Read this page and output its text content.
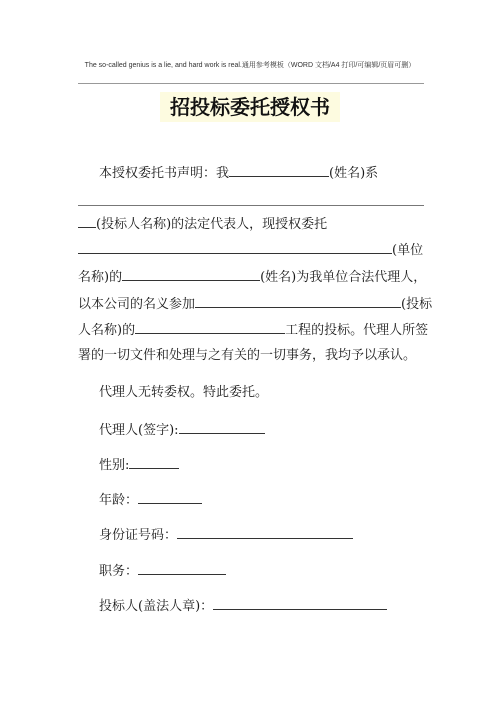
The so-called genius is a lie, and hard work is real.通用参考模板（WORD 文档/A4 打印/可编辑/页眉可删）
招投标委托授权书
本授权委托书声明：我	(姓名)系
(投标人名称)的法定代表人，现授权委托
(单位
名称)的	(姓名)为我单位合法代理人，
以本公司的名义参加	(投标
人名称)的	工程的投标。代理人所签
署的一切文件和处理与之有关的一切事务，我均予以承认。
代理人无转委权。特此委托。
代理人(签字):
性别:
年龄：
身份证号码：
职务：
投标人(盖法人章)：
